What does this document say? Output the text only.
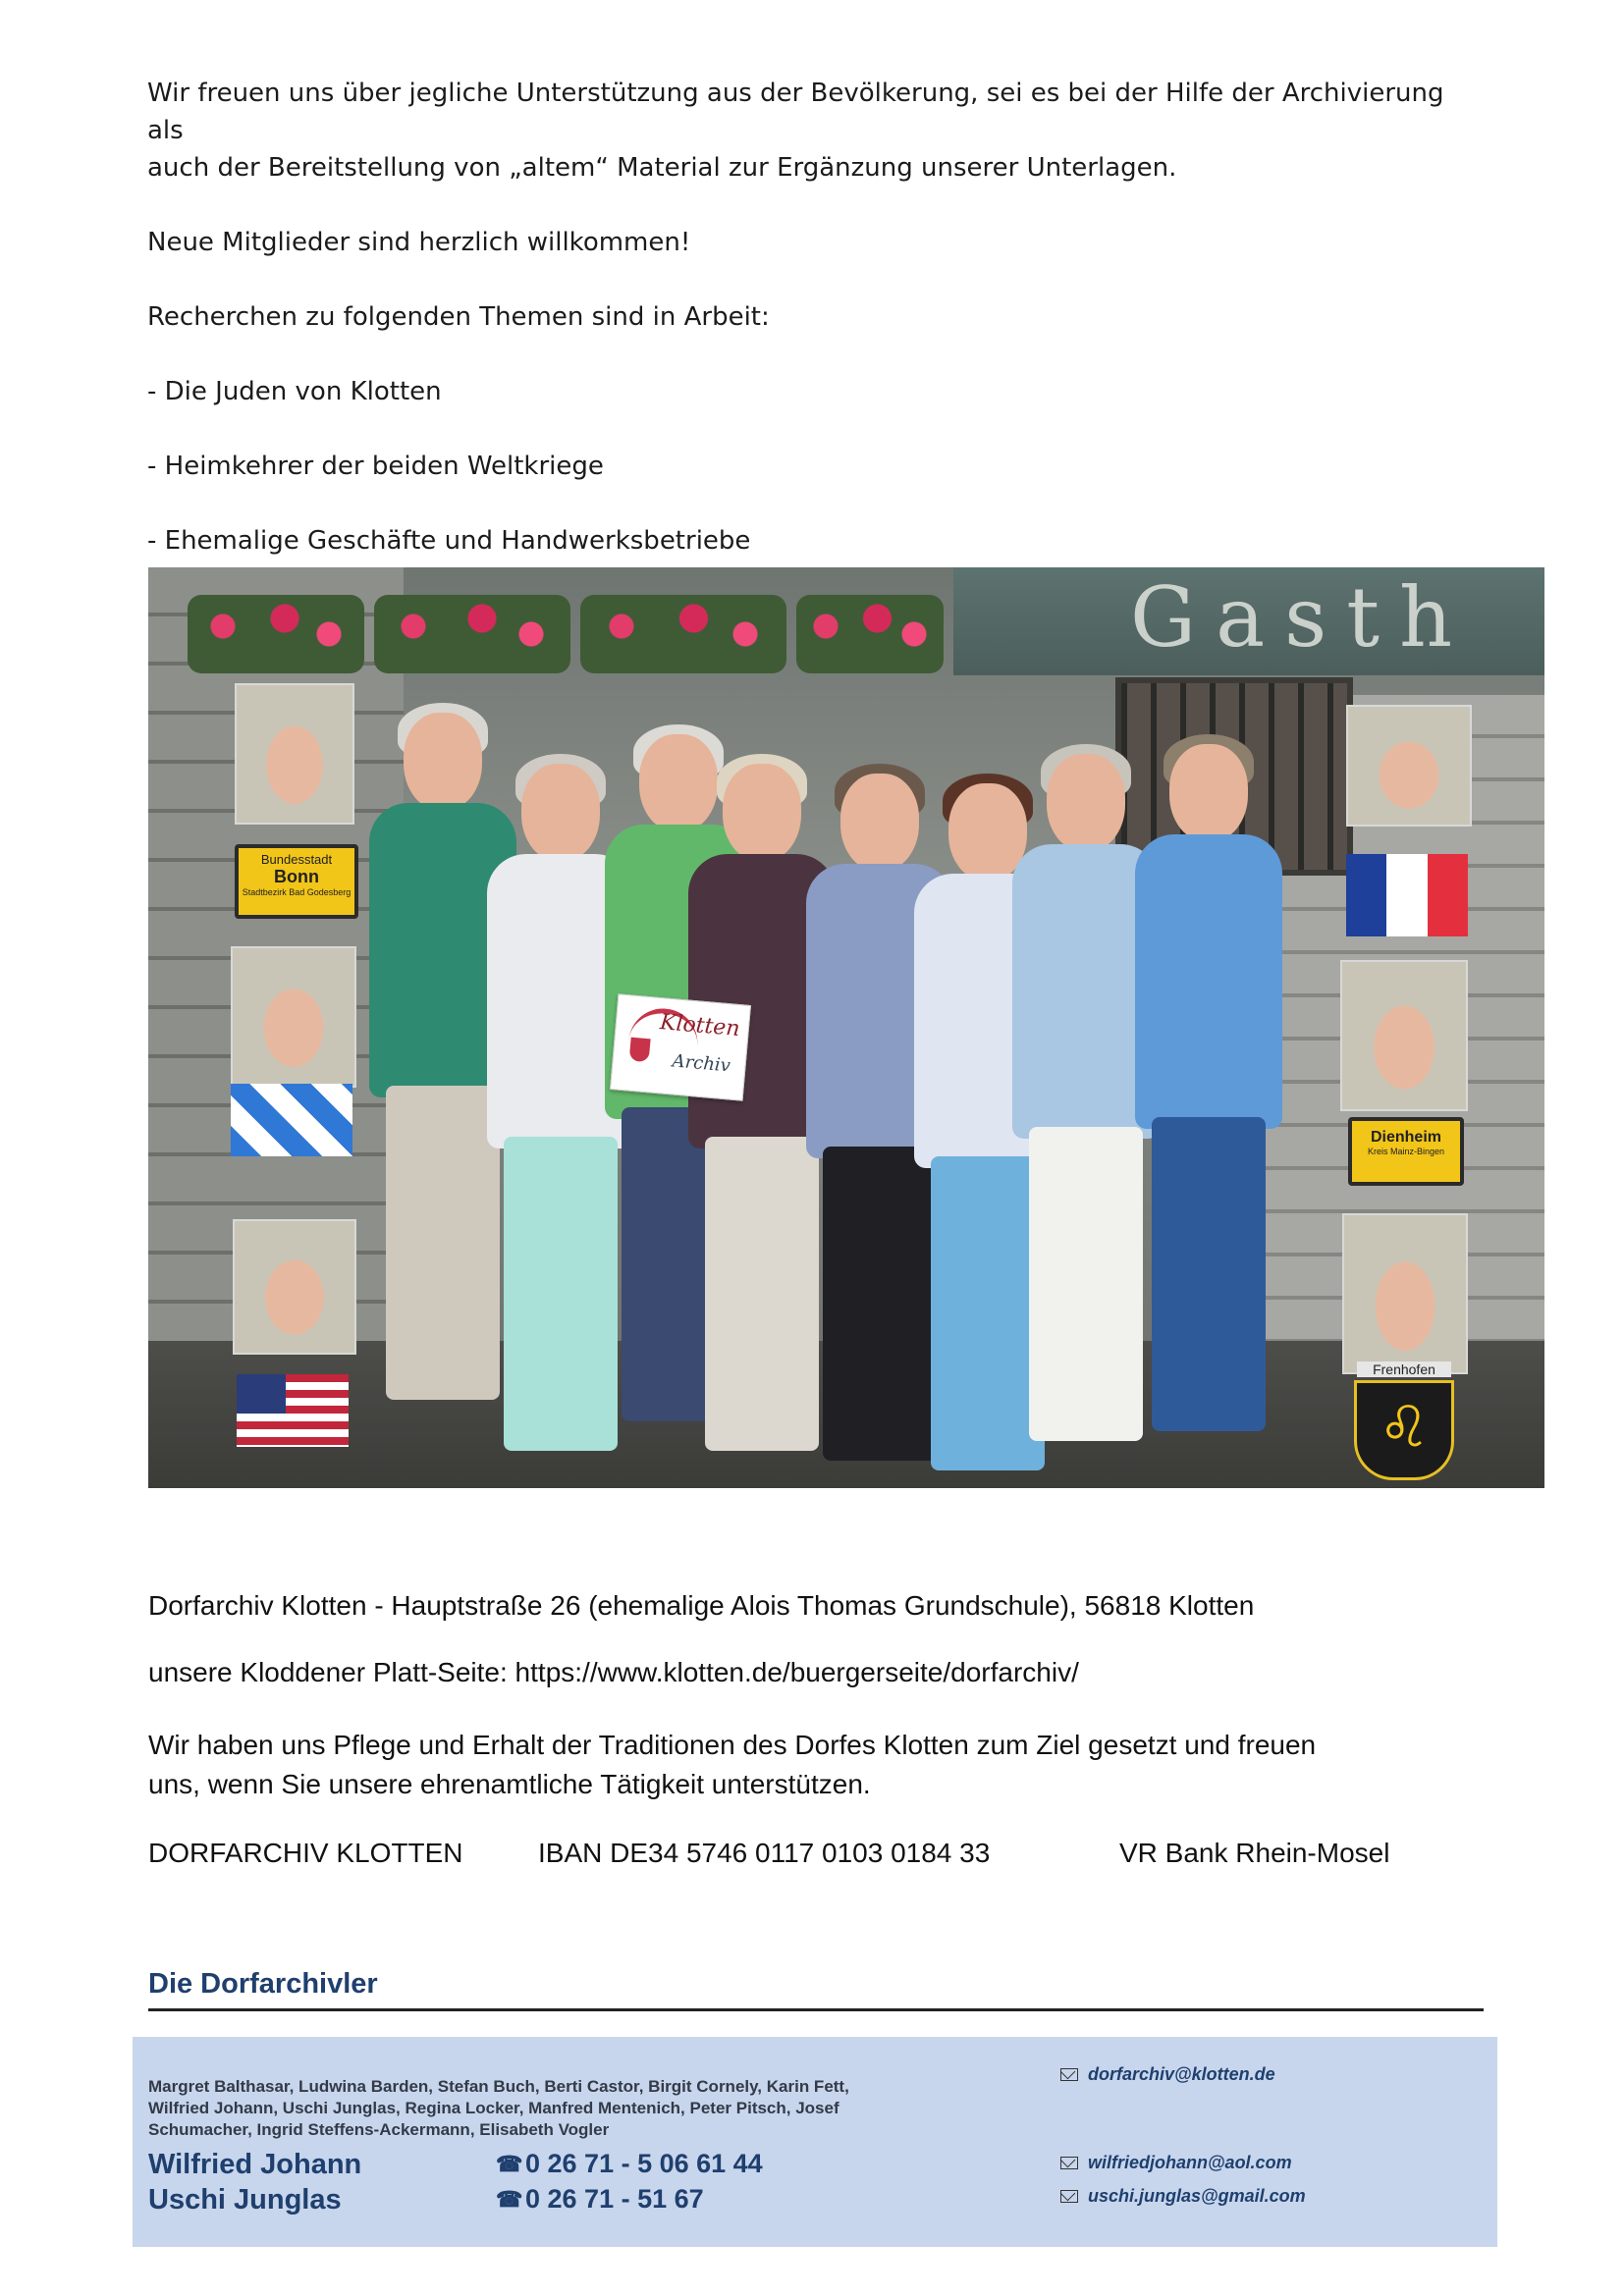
Wir freuen uns über jegliche Unterstützung aus der Bevölkerung, sei es bei der Hilfe der Archivierung als
auch der Bereitstellung von „altem“ Material zur Ergänzung unserer Unterlagen.

Neue Mitglieder sind herzlich willkommen!

Recherchen zu folgenden Themen sind in Arbeit:

- Die Juden von Klotten

- Heimkehrer der beiden Weltkriege

- Ehemalige Geschäfte und Handwerksbetriebe

Gasth
Klotten
Archiv
Bundesstadt
Bonn
Stadtbezirk Bad Godesberg
Dienheim
Kreis Mainz-Bingen
Frenhofen
♌

Dorfarchiv Klotten - Hauptstraße 26 (ehemalige Alois Thomas Grundschule), 56818 Klotten

unsere Kloddener Platt-Seite: https://www.klotten.de/buergerseite/dorfarchiv/

Wir haben uns Pflege und Erhalt der Traditionen des Dorfes Klotten zum Ziel gesetzt und freuen
uns, wenn Sie unsere ehrenamtliche Tätigkeit unterstützen.

DORFARCHIV KLOTTEN	IBAN DE34 5746 0117 0103 0184 33	VR Bank Rhein-Mosel
Die Dorfarchivler
Margret Balthasar, Ludwina Barden, Stefan Buch, Berti Castor, Birgit Cornely, Karin Fett,
Wilfried Johann, Uschi Junglas, Regina Locker, Manfred Mentenich, Peter Pitsch, Josef
Schumacher, Ingrid Steffens-Ackermann, Elisabeth Vogler
Wilfried Johann
Uschi Junglas
☎ 0 26 71 - 5 06 61 44
☎ 0 26 71 - 51 67
dorfarchiv@klotten.de
wilfriedjohann@aol.com
uschi.junglas@gmail.com
